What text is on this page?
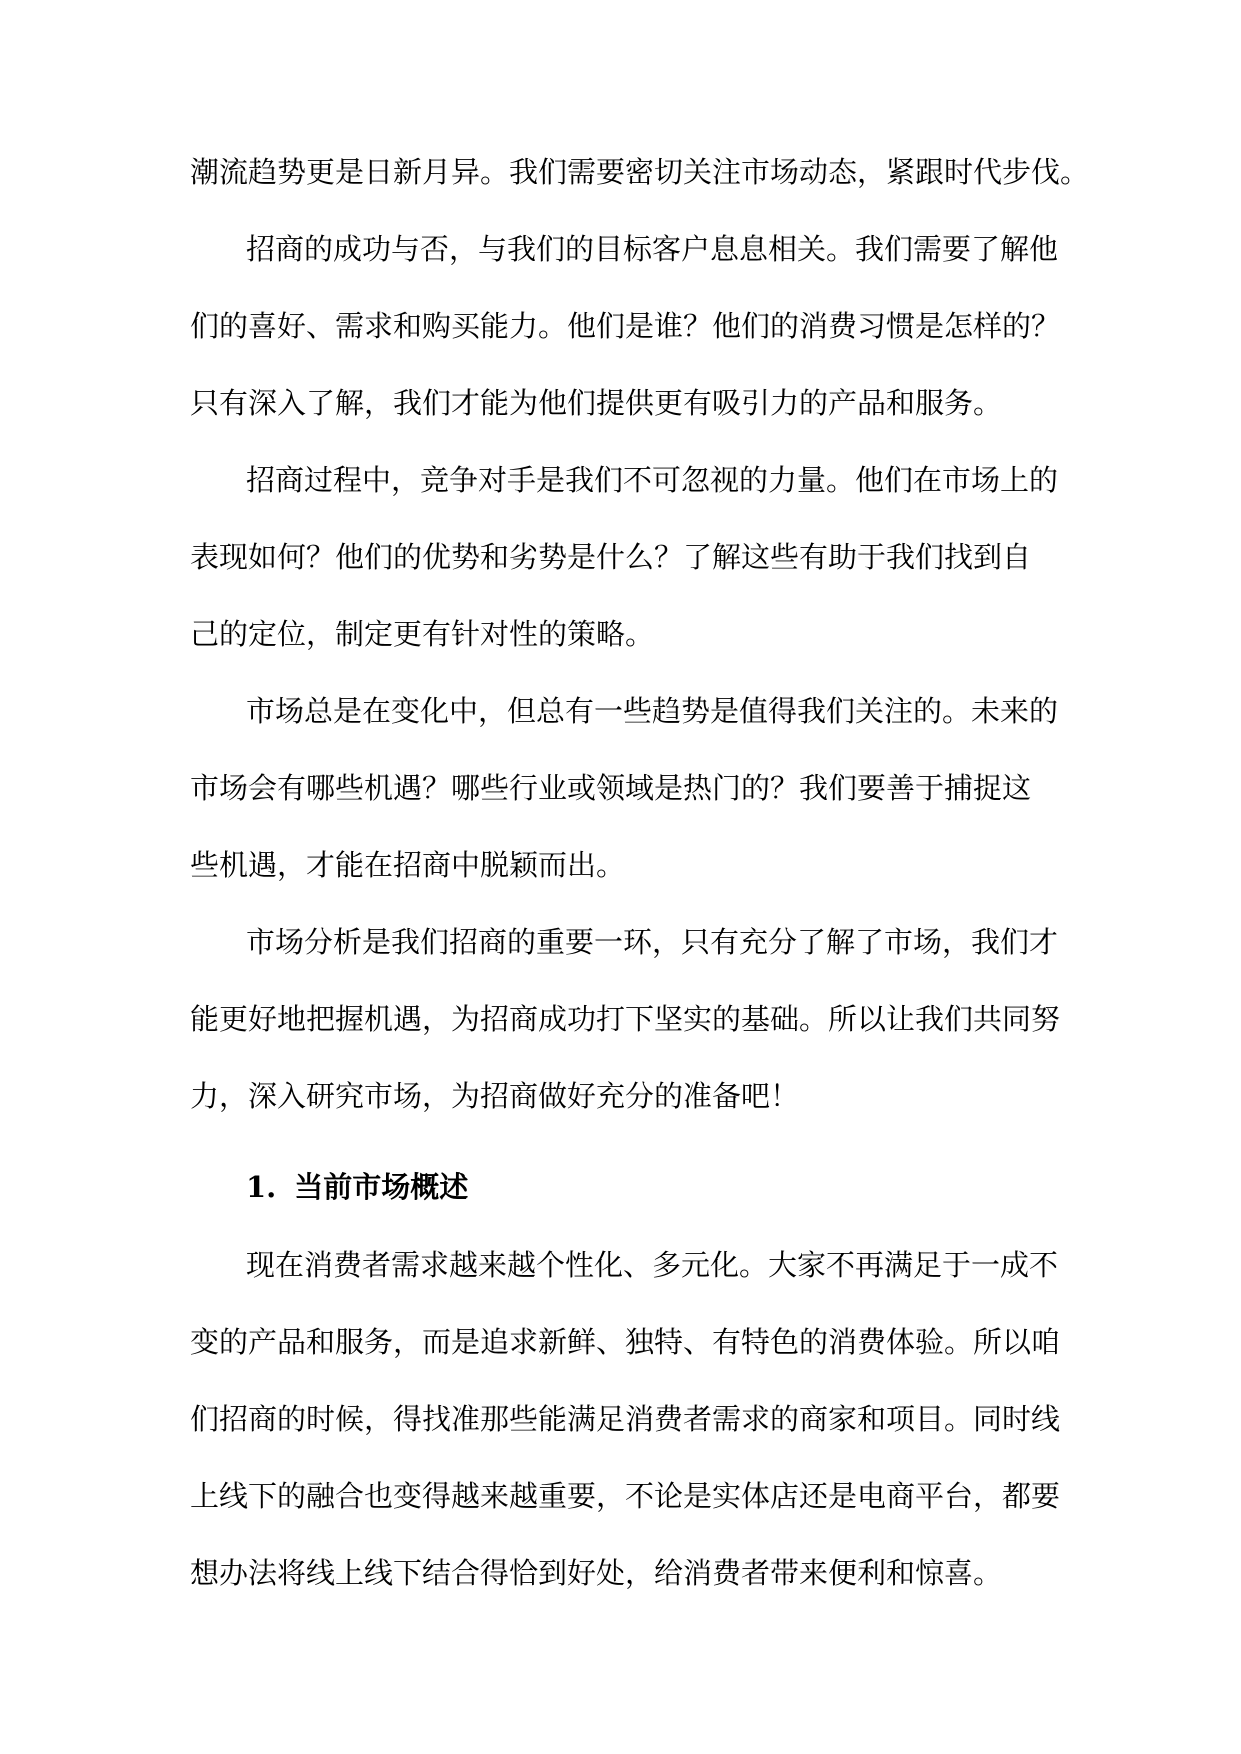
潮流趋势更是日新月异。我们需要密切关注市场动态，紧跟时代步伐。
招商的成功与否，与我们的目标客户息息相关。我们需要了解他
们的喜好、需求和购买能力。他们是谁？他们的消费习惯是怎样的？
只有深入了解，我们才能为他们提供更有吸引力的产品和服务。
招商过程中，竞争对手是我们不可忽视的力量。他们在市场上的
表现如何？他们的优势和劣势是什么？了解这些有助于我们找到自
己的定位，制定更有针对性的策略。
市场总是在变化中，但总有一些趋势是值得我们关注的。未来的
市场会有哪些机遇？哪些行业或领域是热门的？我们要善于捕捉这
些机遇，才能在招商中脱颖而出。
市场分析是我们招商的重要一环，只有充分了解了市场，我们才
能更好地把握机遇，为招商成功打下坚实的基础。所以让我们共同努
力，深入研究市场，为招商做好充分的准备吧！
1. 当前市场概述
现在消费者需求越来越个性化、多元化。大家不再满足于一成不
变的产品和服务，而是追求新鲜、独特、有特色的消费体验。所以咱
们招商的时候，得找准那些能满足消费者需求的商家和项目。同时线
上线下的融合也变得越来越重要，不论是实体店还是电商平台，都要
想办法将线上线下结合得恰到好处，给消费者带来便利和惊喜。
